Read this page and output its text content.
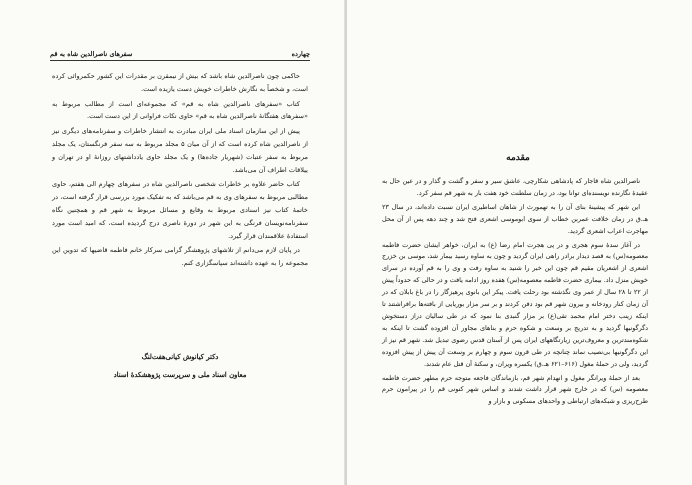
چهارده
سفرهای ناصرالدین شاه به قم

حاکمی چون ناصرالدین شاه باشد که بیش از نیمقرن بر مقدرات این کشور حکمروائی کرده است، و شخصاً به نگارش خاطرات خویش دست یازیده است.

کتاب «سفرهای ناصرالدین شاه به قم» که مجموعه‌ای است از مطالب مربوط به «سفرهای هفتگانهٔ ناصرالدین شاه به قم» حاوی نکات فراوانی از این دست است.

پیش از این سازمان اسناد ملی ایران مبادرت به انتشار خاطرات و سفرنامه‌های دیگری نیز از ناصرالدین شاه کرده است که از آن میان ۵ مجلد مربوط به سه سفر فرنگستان، یک مجلد مربوط به سفر عتبات (شهریار جاده‌ها) و یک مجلد حاوی یادداشتهای روزانهٔ او در تهران و ییلاقات اطراف آن می‌باشد.

کتاب حاضر علاوه بر خاطرات شخصی ناصرالدین شاه در سفرهای چهارم الی هفتم، حاوی مطالبی مربوط به سفرهای وی به قم می‌باشد که به تفکیک مورد بررسی قرار گرفته است، در خاتمهٔ کتاب نیز اسنادی مربوط به وقایع و مسائل مربوط به شهر قم و همچنین نگاه سفرنامه‌نویسان فرنگی به این شهر در دورهٔ ناصری درج گردیده است، که امید است مورد استفادهٔ علاقمندان قرار گیرد.

در پایان لازم می‌دانم از تلاشهای پژوهشگر گرامی سرکار خانم فاطمه قاضیها که تدوین این مجموعه را به عهده داشته‌اند سپاسگزاری کنم.

دکتر کیانوش کیانی‌هفت‌لنگ
معاون اسناد ملی و سرپرست پژوهشکدهٔ اسناد
مقدمه

ناصرالدین شاه قاجار که پادشاهی شکارچی، عاشق سیر و سفر و گشت و گذار و در عین حال به عقیدهٔ نگارنده نویسنده‌ای توانا بود، در زمان سلطنت خود هفت بار به شهر قم سفر کرد.

این شهر که پیشینهٔ بنای آن را به تهمورث از شاهان اساطیری ایران نسبت داده‌اند، در سال ۲۳ هـ.ق در زمان خلافت عمربن خطاب از سوی ابوموسی اشعری فتح شد و چند دهه پس از آن محل مهاجرت اعراب اشعری گردید.

در آغاز سدهٔ سوم هجری و در پی هجرت امام رضا (ع) به ایران، خواهر ایشان حضرت فاطمه معصومه(س) به قصد دیدار برادر راهی ایران گردید و چون به ساوه رسید بیمار شد، موسی بن خزرج اشعری از اشعریان مقیم قم چون این خبر را شنید به ساوه رفت و وی را به قم آورده در سرای خویش منزل داد. بیماری حضرت فاطمه معصومه(س) هفده روز ادامه یافت و در حالی که حدوداً پیش از ۲۲ تا ۲۸ سال از عمر وی نگذشته بود رحلت یافت. پیکر این بانوی پرهیزگار را در باغ بابلان که در آن زمان کنار رودخانه و بیرون شهر قم بود دفن کردند و بر سر مزار بوریایی از بافته‌ها برافراشتند تا اینکه زینب دختر امام محمد تقی(ع) بر مزار گنبدی بنا نمود که در طی سالیان دراز دستخوش دگرگونیها گردید و به تدریج بر وسعت و شکوه حرم و بناهای مجاور آن افزوده گشت تا اینکه به شکوه‌مندترین و معروف‌ترین زیارتگاههای ایران پس از آستان قدس رضوی تبدیل شد. شهر قم نیز از این دگرگونیها بی‌نصیب نماند چنانچه در طی قرون سوم و چهارم بر وسعت آن پیش از پیش افزوده گردید، ولی در حملهٔ مغول (۶۱۶–۶۲۱ هـ.ق) یکسره ویران، و سکنهٔ آن قتل عام شدند.

بعد از حملهٔ ویرانگر مغول و انهدام شهر قم، بازماندگان فاجعه متوجه حرم مطهر حضرت فاطمه معصومه (س) که در خارج شهر قرار داشت شدند و اساس شهر کنونی قم را در پیرامون حرم طرح‌ریزی و شبکه‌های ارتباطی و واحدهای مسکونی و بازار و
